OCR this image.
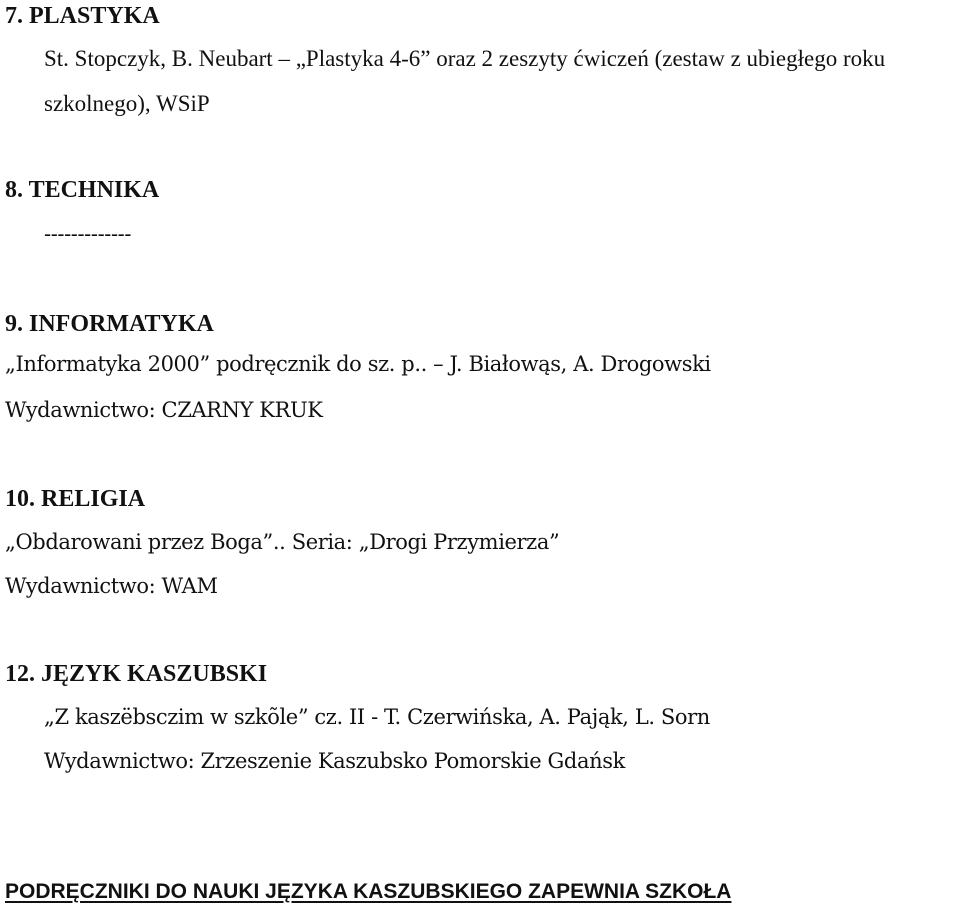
7. PLASTYKA
St. Stopczyk, B. Neubart – „Plastyka 4-6” oraz 2 zeszyty ćwiczeń (zestaw z ubiegłego roku
szkolnego), WSiP
8. TECHNIKA
-------------
9. INFORMATYKA
„Informatyka 2000” podręcznik do sz. p.. – J. Białowąs, A. Drogowski
Wydawnictwo: CZARNY KRUK
10. RELIGIA
„Obdarowani przez Boga”.. Seria: „Drogi Przymierza”
Wydawnictwo: WAM
12. JĘZYK KASZUBSKI
„Z kaszëbsczim w szkõle” cz. II - T. Czerwińska, A. Pająk, L. Sorn
Wydawnictwo: Zrzeszenie Kaszubsko Pomorskie Gdańsk
PODRĘCZNIKI DO NAUKI JĘZYKA KASZUBSKIEGO ZAPEWNIA SZKOŁA
